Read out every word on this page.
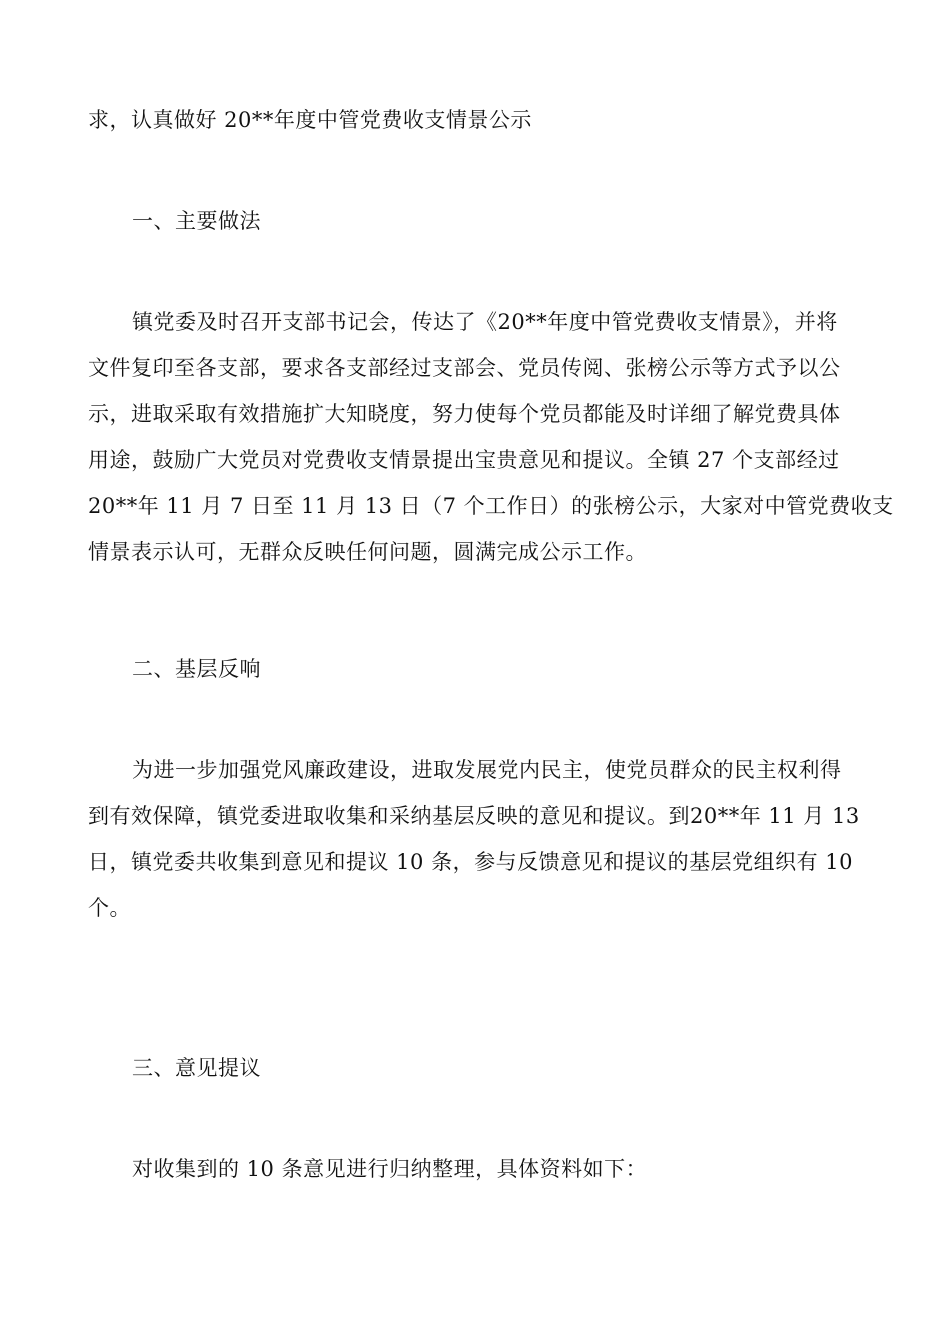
求，认真做好 20**年度中管党费收支情景公示
一、主要做法
镇党委及时召开支部书记会，传达了《20**年度中管党费收支情景》，并将
文件复印至各支部，要求各支部经过支部会、党员传阅、张榜公示等方式予以公
示，进取采取有效措施扩大知晓度，努力使每个党员都能及时详细了解党费具体
用途，鼓励广大党员对党费收支情景提出宝贵意见和提议。全镇 27 个支部经过
20**年 11 月 7 日至 11 月 13 日（7 个工作日）的张榜公示，大家对中管党费收支
情景表示认可，无群众反映任何问题，圆满完成公示工作。
二、基层反响
为进一步加强党风廉政建设，进取发展党内民主，使党员群众的民主权利得
到有效保障，镇党委进取收集和采纳基层反映的意见和提议。到20**年 11 月 13
日，镇党委共收集到意见和提议 10 条，参与反馈意见和提议的基层党组织有 10
个。
三、意见提议
对收集到的 10 条意见进行归纳整理，具体资料如下：
